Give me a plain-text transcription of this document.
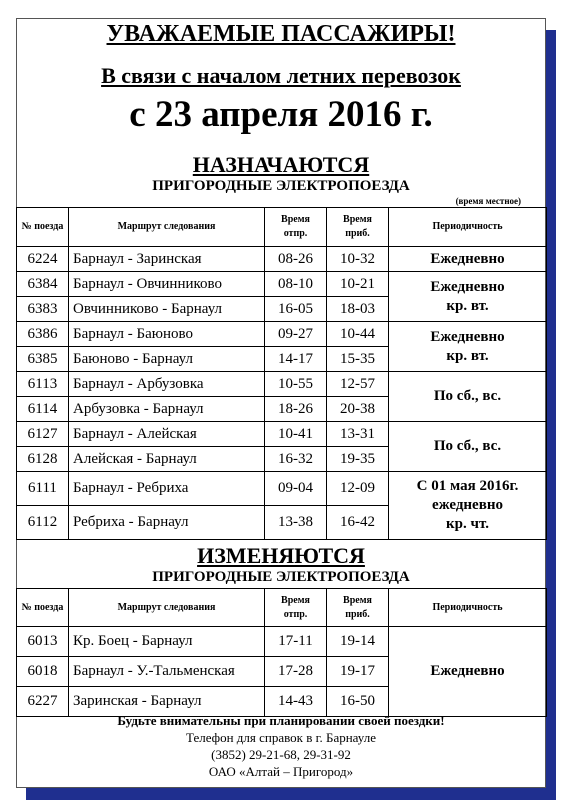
УВАЖАЕМЫЕ ПАССАЖИРЫ!
В связи с началом летних перевозок
с 23 апреля 2016 г.
НАЗНАЧАЮТСЯ
ПРИГОРОДНЫЕ ЭЛЕКТРОПОЕЗДА
(время местное)
№ поезда	Маршрут следования	Время отпр.	Время приб.	Периодичность
6224	Барнаул - Заринская	08-26	10-32	Ежедневно

6384	Барнаул - Овчинниково	08-10	10-21	Ежедневно
кр. вт.

6383	Овчинниково - Барнаул	16-05	18-03	
6386	Барнаул - Баюново	09-27	10-44	Ежедневно
кр. вт.

6385	Баюново - Барнаул	14-17	15-35	
6113	Барнаул - Арбузовка	10-55	12-57	По сб., вс.

6114	Арбузовка - Барнаул	18-26	20-38	
6127	Барнаул - Алейская	10-41	13-31	По сб., вс.

6128	Алейская - Барнаул	16-32	19-35	
6111	Барнаул - Ребриха	09-04	12-09	С 01 мая 2016г.
ежедневно
кр. чт.

6112	Ребриха - Барнаул	13-38	16-42	
ИЗМЕНЯЮТСЯ
ПРИГОРОДНЫЕ ЭЛЕКТРОПОЕЗДА
№ поезда	Маршрут следования	Время отпр.	Время приб.	Периодичность
6013	Кр. Боец - Барнаул	17-11	19-14	Ежедневно
6018	Барнаул - У.-Тальменская	17-28	19-17	
6227	Заринская - Барнаул	14-43	16-50	
Будьте внимательны при планировании своей поездки!
Телефон для справок в г. Барнауле
(3852) 29-21-68, 29-31-92
ОАО «Алтай – Пригород»
